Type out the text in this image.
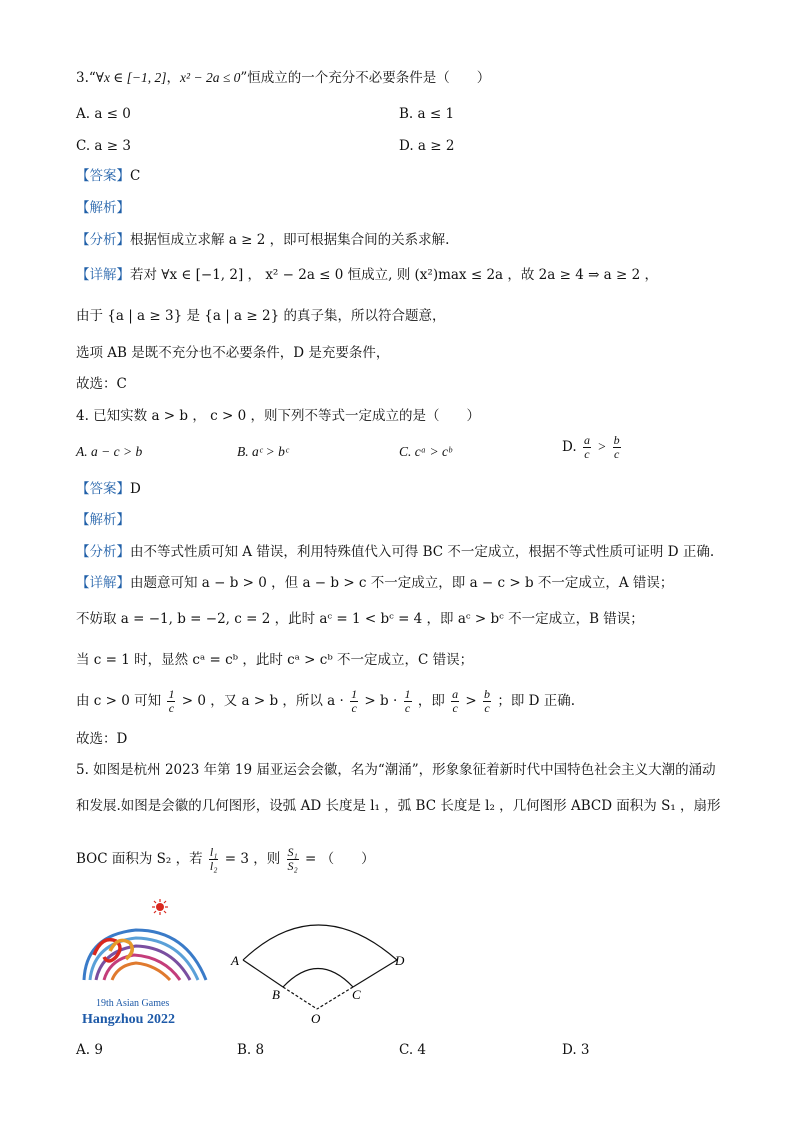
3.“∀x ∈ [−1, 2]，x² − 2a ≤ 0”恒成立的一个充分不必要条件是（　　）
A. a ≤ 0	B. a ≤ 1
C. a ≥ 3	D. a ≥ 2
【答案】C
【解析】
【分析】根据恒成立求解 a ≥ 2 ，即可根据集合间的关系求解.
【详解】若对 ∀x ∈ [−1, 2] ， x² − 2a ≤ 0 恒成立, 则 (x²)max ≤ 2a ，故 2a ≥ 4 ⇒ a ≥ 2 ，
由于 {a | a ≥ 3} 是 {a | a ≥ 2} 的真子集，所以符合题意，
选项 AB 是既不充分也不必要条件，D 是充要条件，
故选：C
4. 已知实数 a > b ， c > 0 ，则下列不等式一定成立的是（　　）
A. a − c > b	B. aᶜ > bᶜ	C. cᵃ > cᵇ	D. $\frac{a}{c} > \frac{b}{c}$
【答案】D
【解析】
【分析】由不等式性质可知 A 错误，利用特殊值代入可得 BC 不一定成立，根据不等式性质可证明 D 正确.
【详解】由题意可知 a − b > 0 ，但 a − b > c 不一定成立，即 a − c > b 不一定成立，A 错误；
不妨取 a = −1, b = −2, c = 2 ，此时 aᶜ = 1 < bᶜ = 4 ，即 aᶜ > bᶜ 不一定成立，B 错误；
当 c = 1 时，显然 cᵃ = cᵇ ，此时 cᵃ > cᵇ 不一定成立，C 错误；
由 c > 0 可知 $\frac{1}{c} > 0$ ，又 a > b ，所以 $a \cdot \frac{1}{c} > b \cdot \frac{1}{c}$ ，即 $\frac{a}{c} > \frac{b}{c}$ ；即 D 正确.
故选：D
5. 如图是杭州 2023 年第 19 届亚运会会徽，名为“潮涌”，形象象征着新时代中国特色社会主义大潮的涌动
和发展.如图是会徽的几何图形，设弧 AD 长度是 l₁ ，弧 BC 长度是 l₂ ，几何图形 ABCD 面积为 S₁ ，扇形
BOC 面积为 S₂ ，若 $\frac{\text{l₁}}{\text{l₂}} = 3$ ，则 $\frac{\text{S₁}}{\text{S₂}}$ = （　　）
19th Asian Games
Hangzhou 2022
A
B	C
D
O
A. 9	B. 8	C. 4	D. 3
